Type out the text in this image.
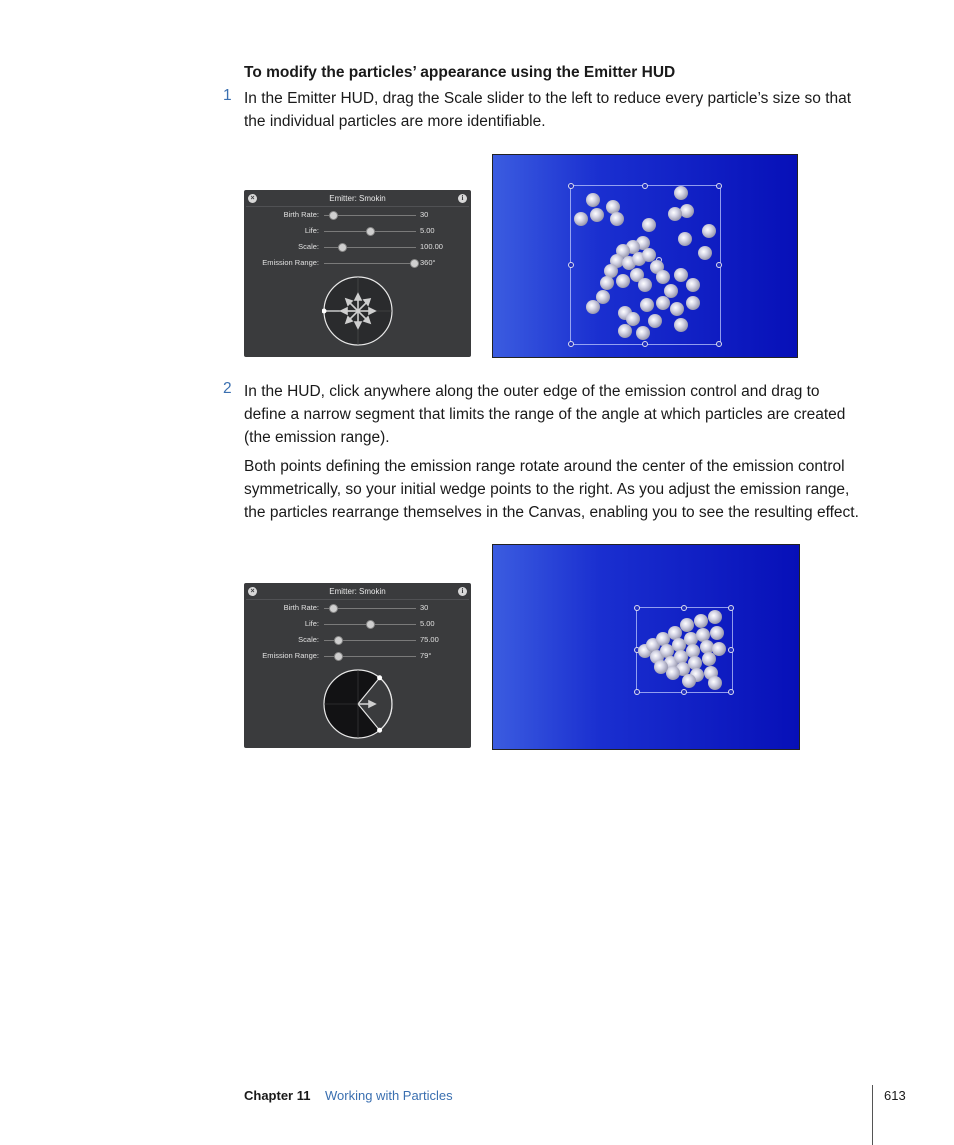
To modify the particles’ appearance using the Emitter HUD
1 In the Emitter HUD, drag the Scale slider to the left to reduce every particle’s size so that
the individual particles are more identifiable.
×	Emitter: Smokin	i
Birth Rate:	30
Life:	5.00
Scale:	100.00
Emission Range:	360°
2 In the HUD, click anywhere along the outer edge of the emission control and drag to
define a narrow segment that limits the range of the angle at which particles are created
(the emission range).
Both points defining the emission range rotate around the center of the emission control
symmetrically, so your initial wedge points to the right. As you adjust the emission range,
the particles rearrange themselves in the Canvas, enabling you to see the resulting effect.
×	Emitter: Smokin	i
Birth Rate:	30
Life:	5.00
Scale:	75.00
Emission Range:	79°
Chapter 11 Working with Particles	613
